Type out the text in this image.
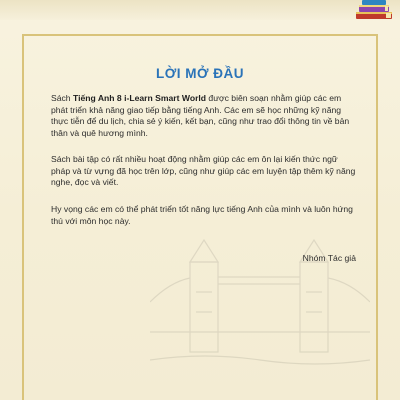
LỜI MỞ ĐẦU
Sách Tiếng Anh 8 i-Learn Smart World được biên soạn nhằm giúp các em phát triển khả năng giao tiếp bằng tiếng Anh. Các em sẽ học những kỹ năng thực tiễn để du lịch, chia sẻ ý kiến, kết bạn, cũng như trao đổi thông tin về bản thân và quê hương mình.
Sách bài tập có rất nhiều hoạt động nhằm giúp các em ôn lại kiến thức ngữ pháp và từ vựng đã học trên lớp, cũng như giúp các em luyện tập thêm kỹ năng nghe, đọc và viết.
Hy vọng các em có thể phát triển tốt năng lực tiếng Anh của mình và luôn hứng thú với môn học này.
Nhóm Tác giả
